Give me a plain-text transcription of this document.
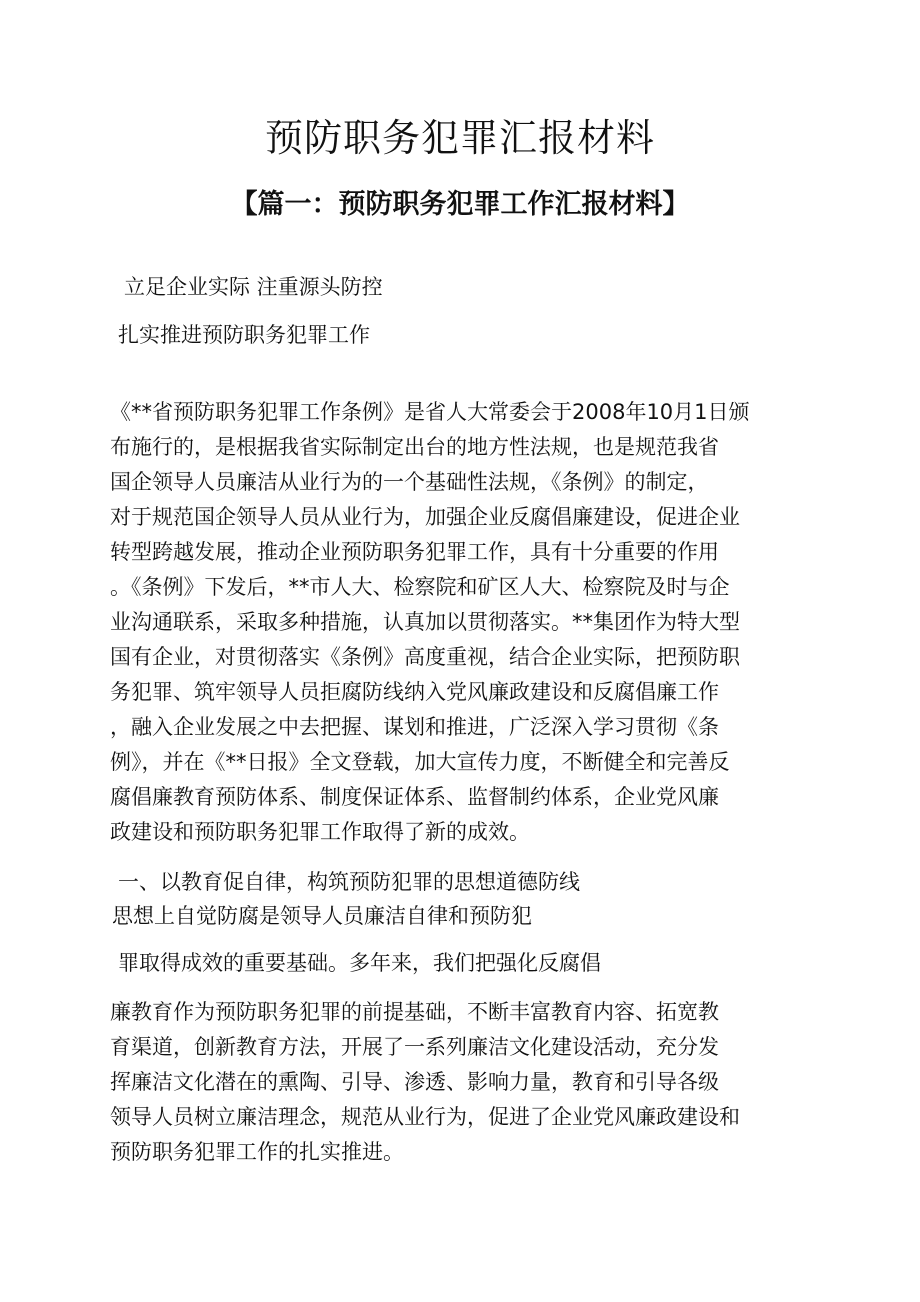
预防职务犯罪汇报材料
【篇一：预防职务犯罪工作汇报材料】

立足企业实际 注重源头防控

扎实推进预防职务犯罪工作

《**省预防职务犯罪工作条例》是省人大常委会于2008年10月1日颁
布施行的，是根据我省实际制定出台的地方性法规，也是规范我省
国企领导人员廉洁从业行为的一个基础性法规，《条例》的制定，
对于规范国企领导人员从业行为，加强企业反腐倡廉建设，促进企业
转型跨越发展，推动企业预防职务犯罪工作，具有十分重要的作用
。《条例》下发后，**市人大、检察院和矿区人大、检察院及时与企
业沟通联系，采取多种措施，认真加以贯彻落实。**集团作为特大型
国有企业，对贯彻落实《条例》高度重视，结合企业实际，把预防职
务犯罪、筑牢领导人员拒腐防线纳入党风廉政建设和反腐倡廉工作
，融入企业发展之中去把握、谋划和推进，广泛深入学习贯彻《条
例》，并在《**日报》全文登载，加大宣传力度，不断健全和完善反
腐倡廉教育预防体系、制度保证体系、监督制约体系，企业党风廉
政建设和预防职务犯罪工作取得了新的成效。

一、以教育促自律，构筑预防犯罪的思想道德防线

思想上自觉防腐是领导人员廉洁自律和预防犯

罪取得成效的重要基础。多年来，我们把强化反腐倡

廉教育作为预防职务犯罪的前提基础，不断丰富教育内容、拓宽教
育渠道，创新教育方法，开展了一系列廉洁文化建设活动，充分发
挥廉洁文化潜在的熏陶、引导、渗透、影响力量，教育和引导各级
领导人员树立廉洁理念，规范从业行为，促进了企业党风廉政建设和
预防职务犯罪工作的扎实推进。
